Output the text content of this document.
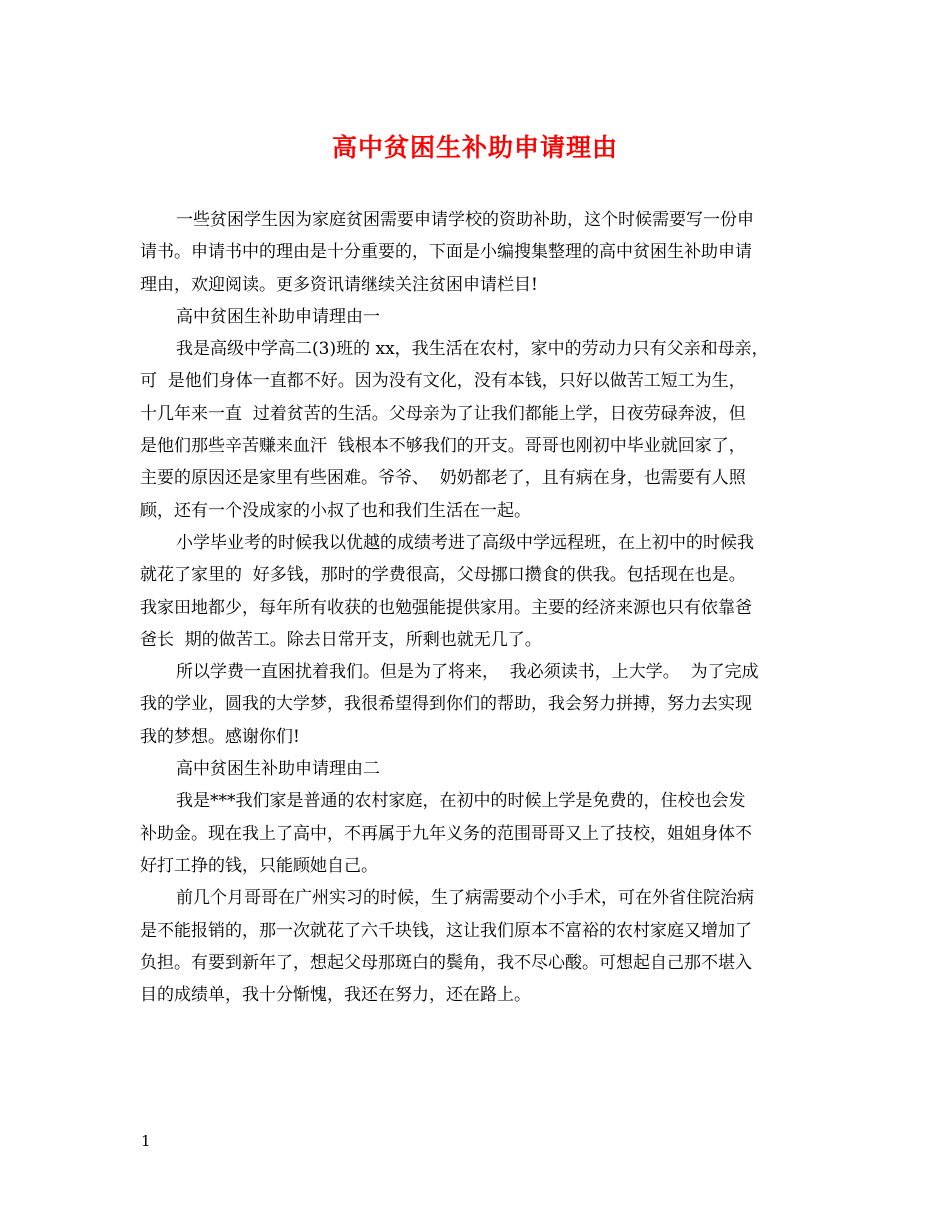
高中贫困生补助申请理由
一些贫困学生因为家庭贫困需要申请学校的资助补助，这个时候需要写一份申
请书。申请书中的理由是十分重要的，下面是小编搜集整理的高中贫困生补助申请
理由，欢迎阅读。更多资讯请继续关注贫困申请栏目!
高中贫困生补助申请理由一
我是高级中学高二(3)班的 xx，我生活在农村，家中的劳动力只有父亲和母亲，
可  是他们身体一直都不好。因为没有文化，没有本钱，只好以做苦工短工为生，
十几年来一直  过着贫苦的生活。父母亲为了让我们都能上学，日夜劳碌奔波，但
是他们那些辛苦赚来血汗  钱根本不够我们的开支。哥哥也刚初中毕业就回家了，
主要的原因还是家里有些困难。爷爷、  奶奶都老了，且有病在身，也需要有人照
顾，还有一个没成家的小叔了也和我们生活在一起。
小学毕业考的时候我以优越的成绩考进了高级中学远程班，在上初中的时候我
就花了家里的  好多钱，那时的学费很高，父母挪口攒食的供我。包括现在也是。
我家田地都少，每年所有收获的也勉强能提供家用。主要的经济来源也只有依靠爸
爸长  期的做苦工。除去日常开支，所剩也就无几了。
所以学费一直困扰着我们。但是为了将来，  我必须读书，上大学。  为了完成
我的学业，圆我的大学梦，我很希望得到你们的帮助，我会努力拼搏，努力去实现
我的梦想。感谢你们!
高中贫困生补助申请理由二
我是***我们家是普通的农村家庭，在初中的时候上学是免费的，住校也会发
补助金。现在我上了高中，不再属于九年义务的范围哥哥又上了技校，姐姐身体不
好打工挣的钱，只能顾她自己。
前几个月哥哥在广州实习的时候，生了病需要动个小手术，可在外省住院治病
是不能报销的，那一次就花了六千块钱，这让我们原本不富裕的农村家庭又增加了
负担。有要到新年了，想起父母那斑白的鬓角，我不尽心酸。可想起自己那不堪入
目的成绩单，我十分惭愧，我还在努力，还在路上。
1
